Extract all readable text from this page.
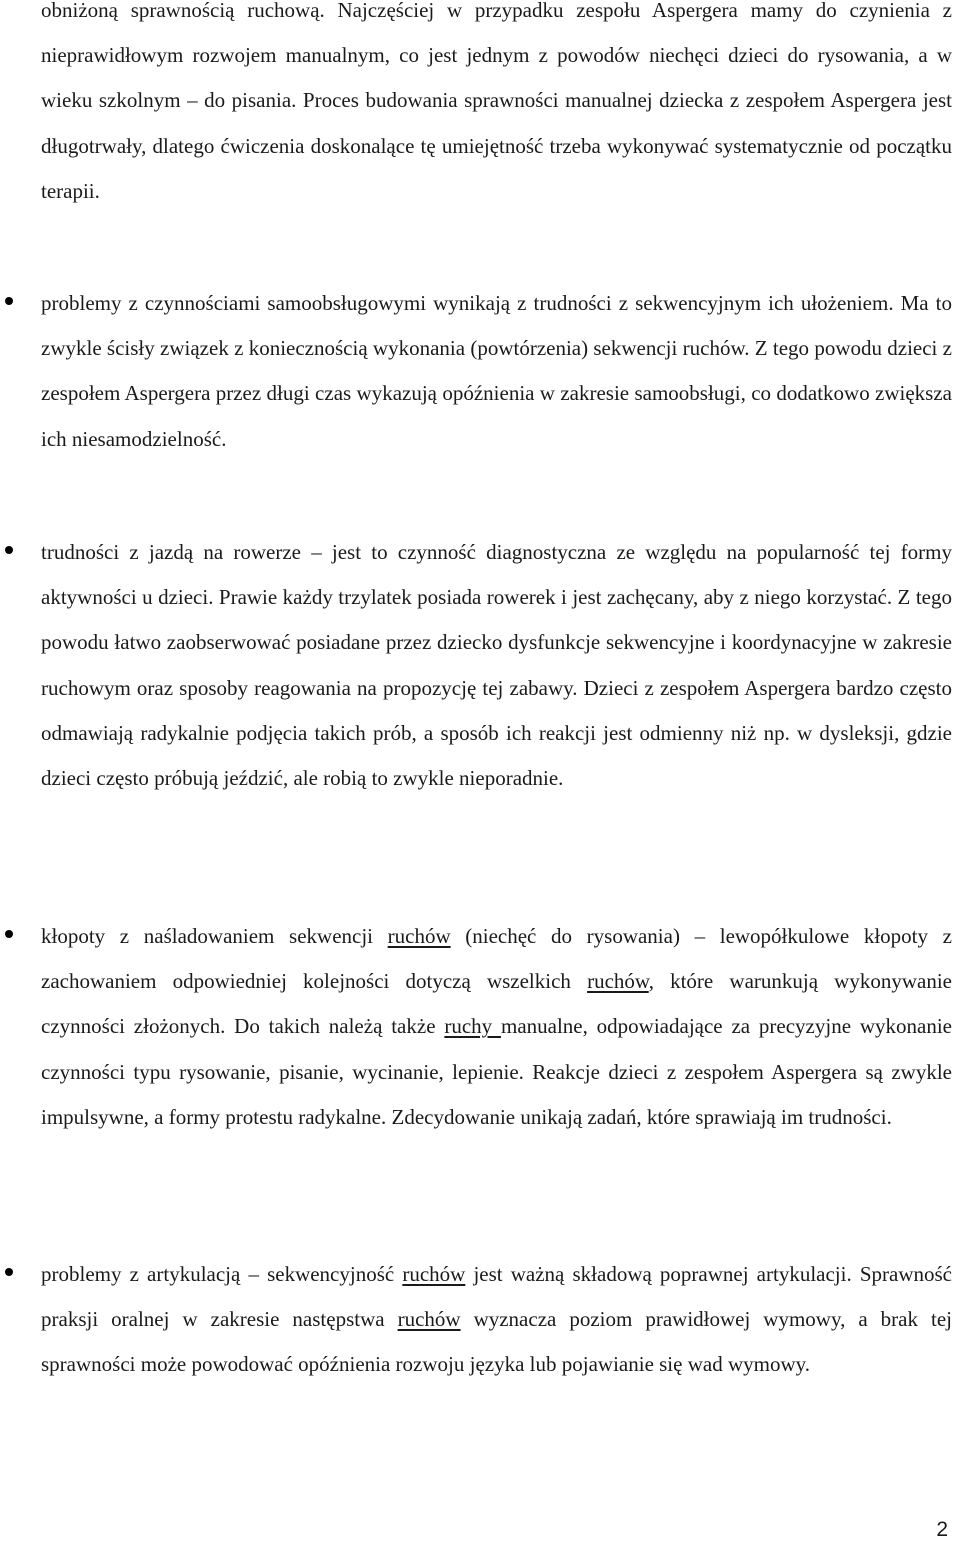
obniżoną sprawnością ruchową. Najczęściej w przypadku zespołu Aspergera mamy do czynienia z nieprawidłowym rozwojem manualnym, co jest jednym z powodów niechęci dzieci do rysowania, a w wieku szkolnym – do pisania. Proces budowania sprawności manualnej dziecka z zespołem Aspergera jest długotrwały, dlatego ćwiczenia doskonalące tę umiejętność trzeba wykonywać systematycznie od początku terapii.

problemy z czynnościami samoobsługowymi wynikają z trudności z sekwencyjnym ich ułożeniem. Ma to zwykle ścisły związek z koniecznością wykonania (powtórzenia) sekwencji ruchów. Z tego powodu dzieci z zespołem Aspergera przez długi czas wykazują opóźnienia w zakresie samoobsługi, co dodatkowo zwiększa ich niesamodzielność.

trudności z jazdą na rowerze – jest to czynność diagnostyczna ze względu na popularność tej formy aktywności u dzieci. Prawie każdy trzylatek posiada rowerek i jest zachęcany, aby z niego korzystać. Z tego powodu łatwo zaobserwować posiadane przez dziecko dysfunkcje sekwencyjne i koordynacyjne w zakresie ruchowym oraz sposoby reagowania na propozycję tej zabawy. Dzieci z zespołem Aspergera bardzo często odmawiają radykalnie podjęcia takich prób, a sposób ich reakcji jest odmienny niż np. w dysleksji, gdzie dzieci często próbują jeździć, ale robią to zwykle nieporadnie.

kłopoty z naśladowaniem sekwencji ruchów (niechęć do rysowania) – lewopółkulowe kłopoty z zachowaniem odpowiedniej kolejności dotyczą wszelkich ruchów, które warunkują wykonywanie czynności złożonych. Do takich należą także ruchy manualne, odpowiadające za precyzyjne wykonanie czynności typu rysowanie, pisanie, wycinanie, lepienie. Reakcje dzieci z zespołem Aspergera są zwykle impulsywne, a formy protestu radykalne. Zdecydowanie unikają zadań, które sprawiają im trudności.

problemy z artykulacją – sekwencyjność ruchów jest ważną składową poprawnej artykulacji. Sprawność praksji oralnej w zakresie następstwa ruchów wyznacza poziom prawidłowej wymowy, a brak tej sprawności może powodować opóźnienia rozwoju języka lub pojawianie się wad wymowy.

2
